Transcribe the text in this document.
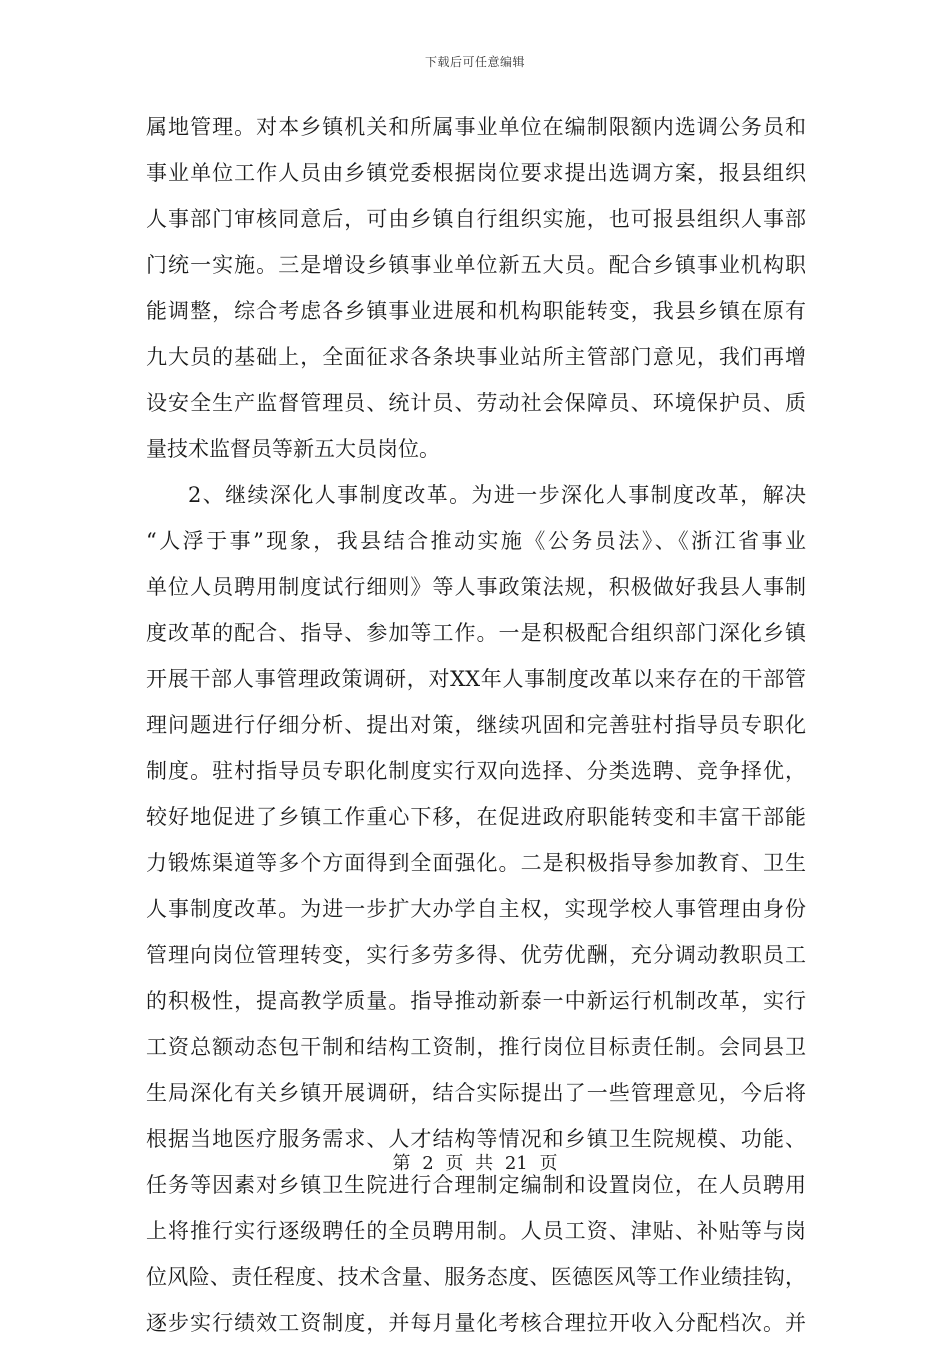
下载后可任意编辑
属地管理。对本乡镇机关和所属事业单位在编制限额内选调公务员和
事业单位工作人员由乡镇党委根据岗位要求提出选调方案，报县组织
人事部门审核同意后，可由乡镇自行组织实施，也可报县组织人事部
门统一实施。三是增设乡镇事业单位新五大员。配合乡镇事业机构职
能调整，综合考虑各乡镇事业进展和机构职能转变，我县乡镇在原有
九大员的基础上，全面征求各条块事业站所主管部门意见，我们再增
设安全生产监督管理员、统计员、劳动社会保障员、环境保护员、质
量技术监督员等新五大员岗位。
2、继续深化人事制度改革。为进一步深化人事制度改革，解决
“人浮于事”现象，我县结合推动实施《公务员法》、《浙江省事业
单位人员聘用制度试行细则》等人事政策法规，积极做好我县人事制
度改革的配合、指导、参加等工作。一是积极配合组织部门深化乡镇
开展干部人事管理政策调研，对XX年人事制度改革以来存在的干部管
理问题进行仔细分析、提出对策，继续巩固和完善驻村指导员专职化
制度。驻村指导员专职化制度实行双向选择、分类选聘、竞争择优，
较好地促进了乡镇工作重心下移，在促进政府职能转变和丰富干部能
力锻炼渠道等多个方面得到全面强化。二是积极指导参加教育、卫生
人事制度改革。为进一步扩大办学自主权，实现学校人事管理由身份
管理向岗位管理转变，实行多劳多得、优劳优酬，充分调动教职员工
的积极性，提高教学质量。指导推动新泰一中新运行机制改革，实行
工资总额动态包干制和结构工资制，推行岗位目标责任制。会同县卫
生局深化有关乡镇开展调研，结合实际提出了一些管理意见，今后将
根据当地医疗服务需求、人才结构等情况和乡镇卫生院规模、功能、
任务等因素对乡镇卫生院进行合理制定编制和设置岗位，在人员聘用
上将推行实行逐级聘任的全员聘用制。人员工资、津贴、补贴等与岗
位风险、责任程度、技术含量、服务态度、医德医风等工作业绩挂钩，
逐步实行绩效工资制度，并每月量化考核合理拉开收入分配档次。并
第 2 页 共 21 页
